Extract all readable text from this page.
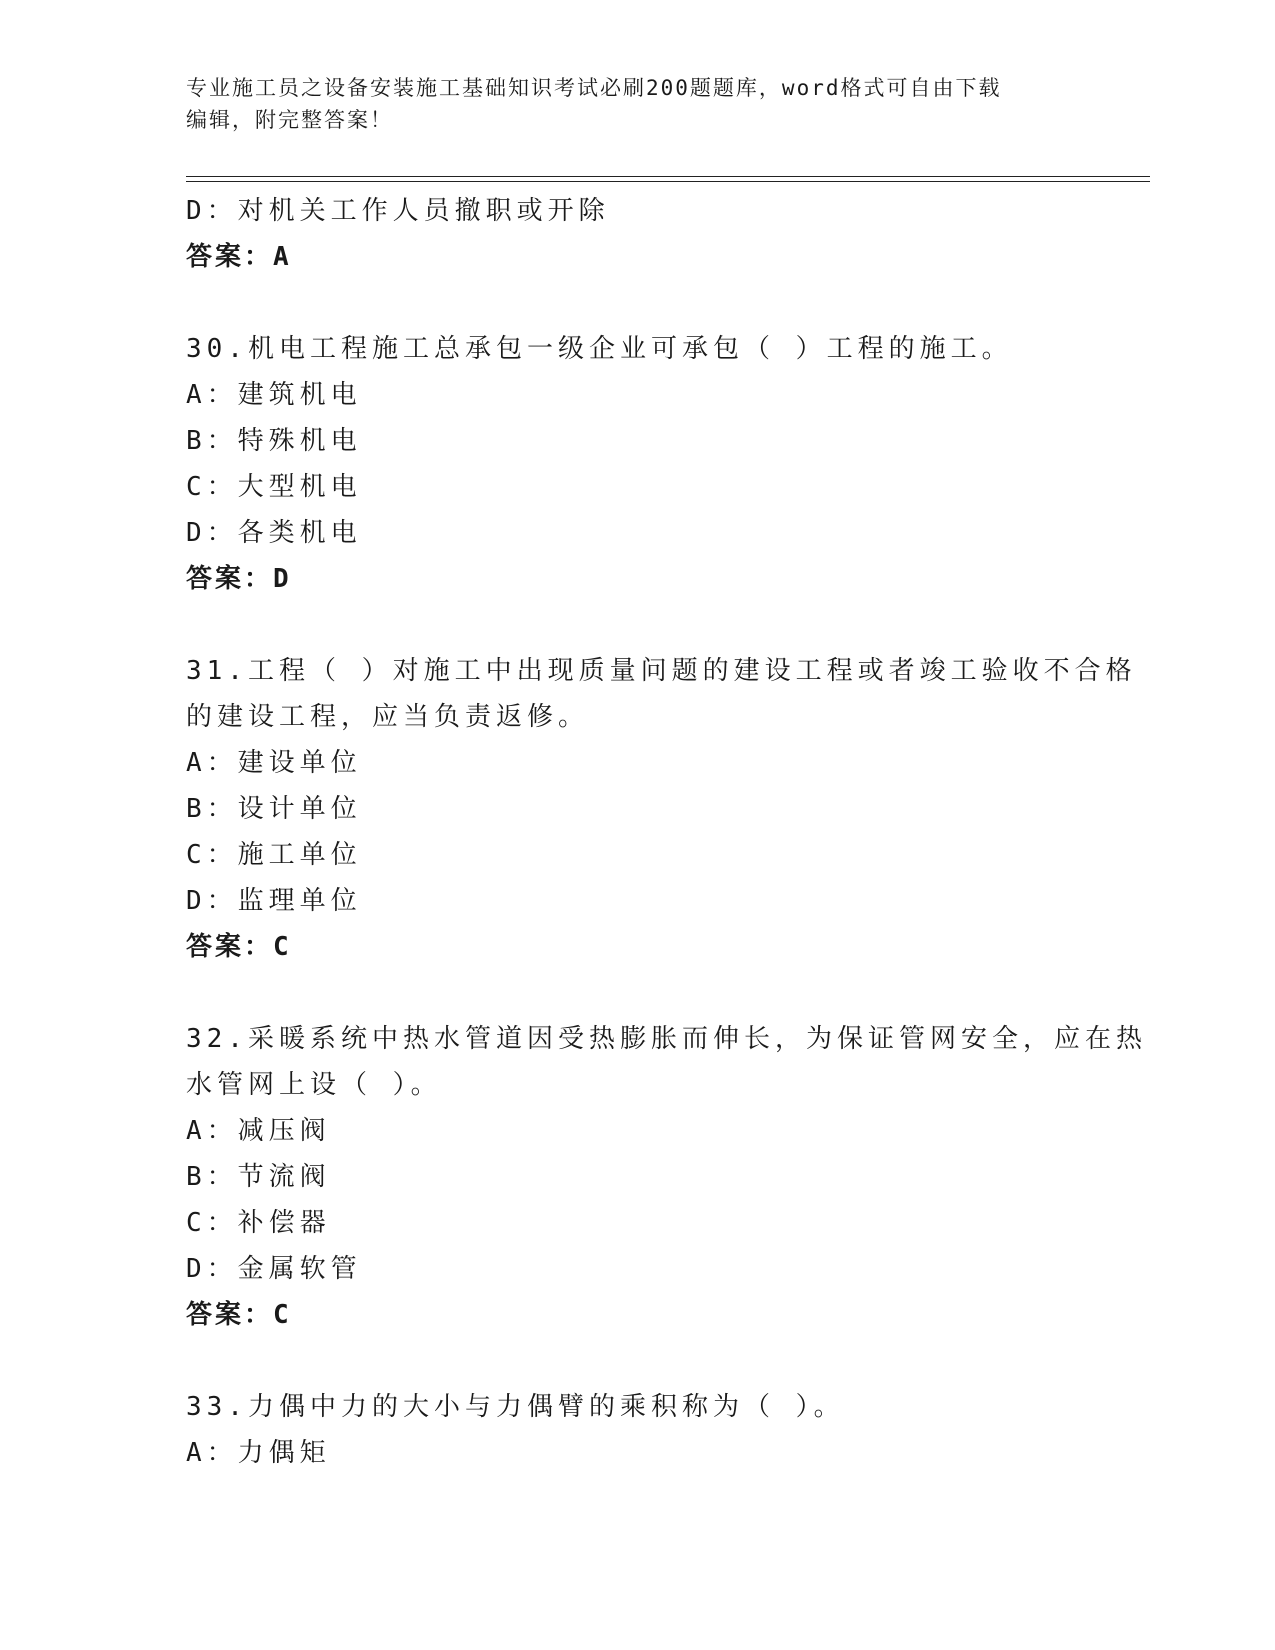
专业施工员之设备安装施工基础知识考试必刷200题题库，word格式可自由下载
编辑，附完整答案！
D：对机关工作人员撤职或开除
答案：A
30.机电工程施工总承包一级企业可承包（ ）工程的施工。
A：建筑机电
B：特殊机电
C：大型机电
D：各类机电
答案：D
31.工程（ ）对施工中出现质量问题的建设工程或者竣工验收不合格
的建设工程，应当负责返修。
A：建设单位
B：设计单位
C：施工单位
D：监理单位
答案：C
32.采暖系统中热水管道因受热膨胀而伸长，为保证管网安全，应在热
水管网上设（ ）。
A：减压阀
B：节流阀
C：补偿器
D：金属软管
答案：C
33.力偶中力的大小与力偶臂的乘积称为（ ）。
A：力偶矩
